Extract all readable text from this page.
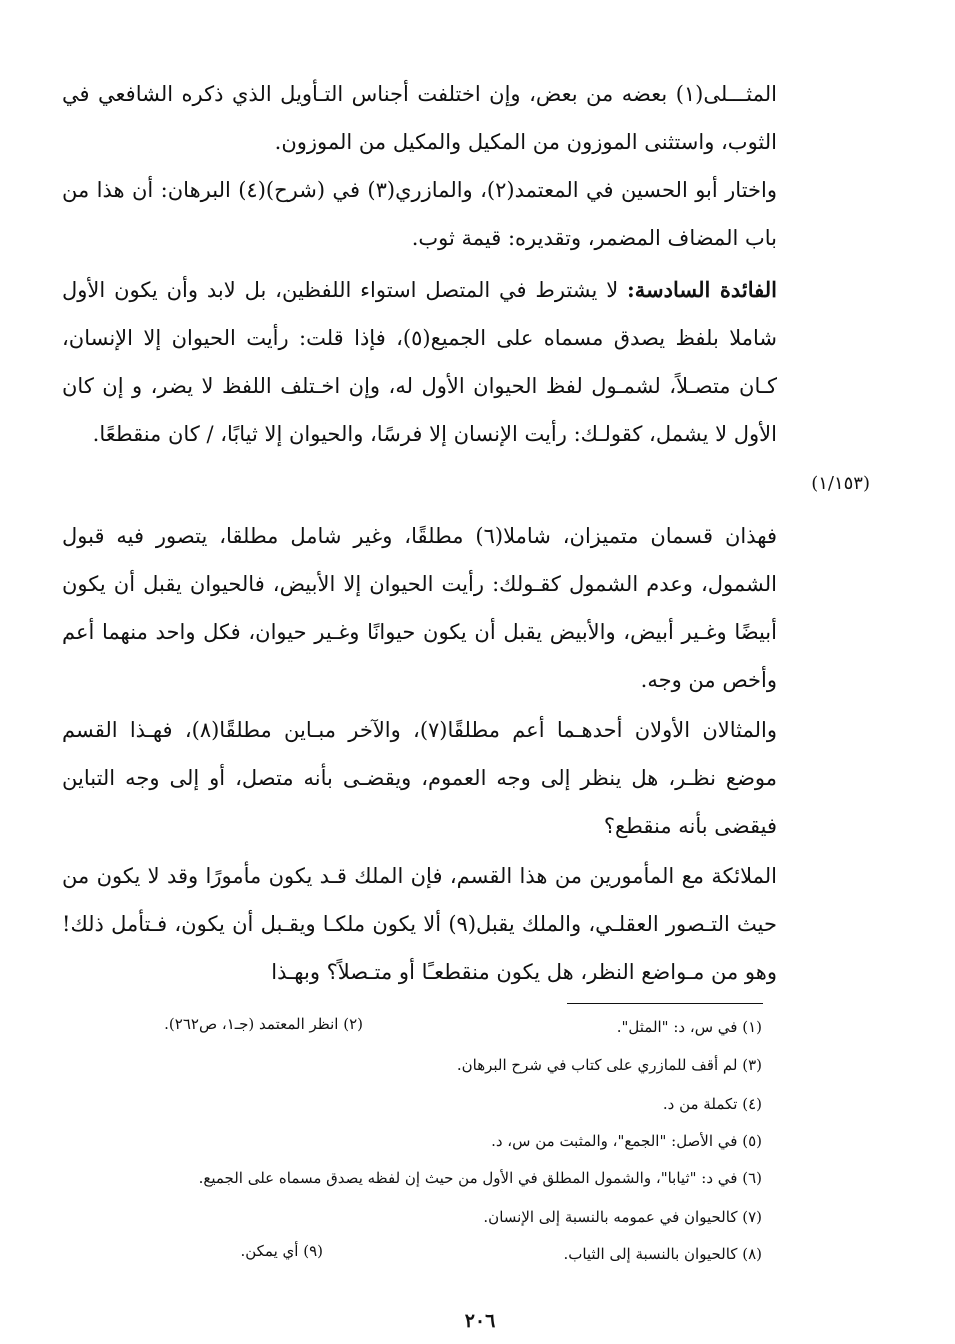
المثـــلى(١) بعضه من بعض، وإن اختلفت أجناس التـأويل الذي ذكره الشافعي في الثوب، واستثنى الموزون من المكيل والمكيل من الموزون.

واختار أبو الحسين في المعتمد(٢)، والمازري(٣) في (شرح)(٤) البرهان: أن هذا من باب المضاف المضمر، وتقديره: قيمة ثوب.

الفائدة السادسة: لا يشترط في المتصل استواء اللفظين، بل لابد وأن يكون الأول شاملا بلفظ يصدق مسماه على الجميع(٥)، فإذا قلت: رأيت الحيوان إلا الإنسان، كـان متصـلاً، لشمـول لفظ الحيوان الأول له، وإن اخـتلف اللفظ لا يضر، و إن كان الأول لا يشمل، كقولـك: رأيت الإنسان إلا فرسًا، والحيوان إلا ثيابًا، / كان منقطعًا.

(١/١٥٣)

فهذان قسمان متميزان، شاملا(٦) مطلقًا، وغير شامل مطلقا، يتصور فيه قبول الشمول، وعدم الشمول كقـولك: رأيت الحيوان إلا الأبيض، فالحيوان يقبل أن يكون أبيضًا وغـير أبيض، والأبيض يقبل أن يكون حيوانًا وغـير حيوان، فكل واحد منهما أعم وأخص من وجه.

والمثالان الأولان أحدهـما أعم مطلقًا(٧)، والآخر مبـاين مطلقًا(٨)، فهـذا القسم موضع نظـر، هل ينظر إلى وجه العموم، ويقضـى بأنه متصل، أو إلى وجه التباين فيقضى بأنه منقطع؟

الملائكة مع المأمورين من هذا القسم، فإن الملك قـد يكون مأمورًا وقد لا يكون من حيث التـصور العقلـي، والملك يقبل(٩) ألا يكون ملكـا ويقـبل أن يكون، فـتأمل ذلك! وهو من مـواضع النظر، هل يكون منقطعـًا أو متـصلاً؟ وبهـذا

(١) في س، د: "المثل".
(٢) انظر المعتمد (جـ١، ص٢٦٢).
(٣) لم أقف للمازري على كتاب في شرح البرهان.
(٤) تكملة من د.
(٥) في الأصل: "الجمع"، والمثبت من س، د.
(٦) في د: "ثيابا"، والشمول المطلق في الأول من حيث إن لفظه يصدق مسماه على الجميع.
(٧) كالحيوان في عمومه بالنسبة إلى الإنسان.
(٨) كالحيوان بالنسبة إلى الثياب.
(٩) أي يمكن.
٢٠٦
